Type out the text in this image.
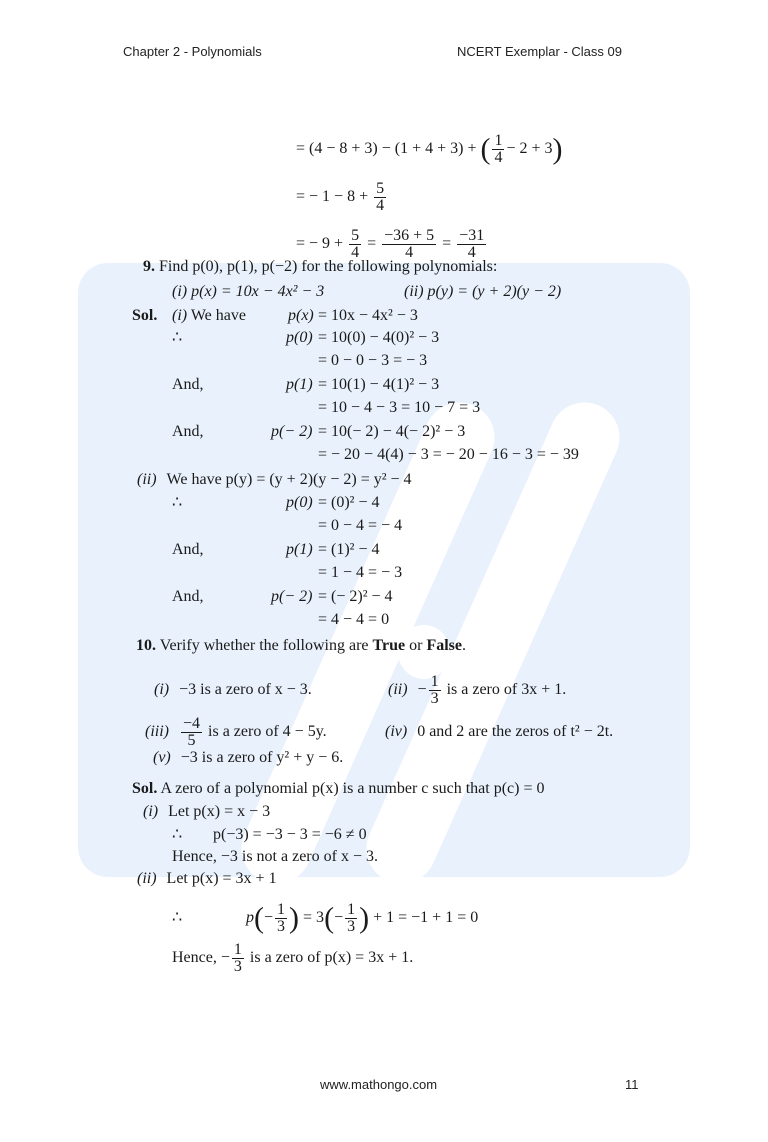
Chapter 2 - Polynomials	NCERT Exemplar - Class 09
= (4 − 8 + 3) − (1 + 4 + 3) + ( $\frac{1}{4} - 2 + 3$)
= − $1 - 8 + \frac{5}{4}$
= − $9 + \frac{5}{4} = \frac{-36 + 5}{4} = \frac{-31}{4}$
9. Find p(0), p(1), p(−2) for the following polynomials:
(i) p(x) = 10x − 4x² − 3	(ii) p(y) = (y + 2)(y − 2)
Sol. (i) We have	p(x) = 10x − 4x² − 3
∴	p(0) = 10(0) − 4(0)² − 3
= 0 − 0 − 3 = − 3
And,	p(1) = 10(1) − 4(1)² − 3
= 10 − 4 − 3 = 10 − 7 = 3
And,	p(− 2) = 10(− 2) − 4(− 2)² − 3
= − 20 − 4(4) − 3 = − 20 − 16 − 3 = − 39
(ii) We have p(y) = (y + 2)(y − 2) = y² − 4
∴	p(0) = (0)² − 4
= 0 − 4 = − 4
And,	p(1) = (1)² − 4
= 1 − 4 = − 3
And,	p(− 2) = (− 2)² − 4
= 4 − 4 = 0
10. Verify whether the following are True or False.
(i) −3 is a zero of x − 3.	$(ii) - \frac{1}{3}$ is a zero of 3x + 1.
$(iii) \frac{-4}{5}$ is a zero of 4 − 5y.	(iv) 0 and 2 are the zeros of t² − 2t.
(v) −3 is a zero of y² + y − 6.
Sol. A zero of a polynomial p(x) is a number c such that p(c) = 0
(i) Let p(x) = x − 3
∴ p(−3) = −3 − 3 = −6 ≠ 0
Hence, −3 is not a zero of x − 3.
(ii) Let p(x) = 3x + 1
∴	$p(- \frac{1}{3}$ ) = $3(- \frac{1}{3}$ ) + 1 = −1 + 1 = 0
Hence, − $\frac{1}{3}$ is a zero of p(x) = 3x + 1.
www.mathongo.com	11
